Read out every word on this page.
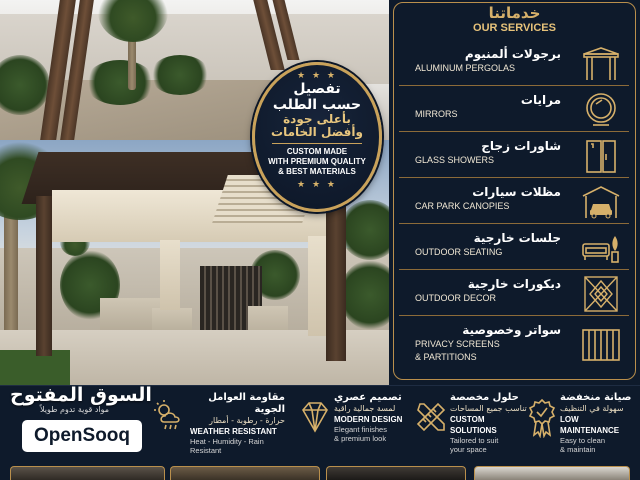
★ ★ ★
تفصيل
حسب الطلب
بأعلى جودة
وأفضل الخامات
CUSTOM MADE
WITH PREMIUM QUALITY
& BEST MATERIALS
★ ★ ★
خدماتنا
OUR SERVICES
برجولات ألمنيوم
ALUMINUM PERGOLAS
مرايات
MIRRORS
شاورات زجاج
GLASS SHOWERS
مظلات سيارات
CAR PARK CANOPIES
جلسات خارجية
OUTDOOR SEATING
ديكورات خارجية
OUTDOOR DECOR
سواتر وخصوصية
PRIVACY SCREENS
& PARTITIONS
مقاومة العوامل الجوية
حرارة - رطوبة - أمطار
WEATHER RESISTANT
Heat - Humidity - Rain
Resistant
تصميم عصري
لمسة جمالية راقية
MODERN DESIGN
Elegant finishes
& premium look
حلول مخصصة
تناسب جميع المساحات
CUSTOM SOLUTIONS
Tailored to suit
your space
صيانة منخفضة
سهولة في التنظيف
LOW MAINTENANCE
Easy to clean
& maintain
السوق المفتوح
مواد قوية تدوم طويلاً
OpenSooq
